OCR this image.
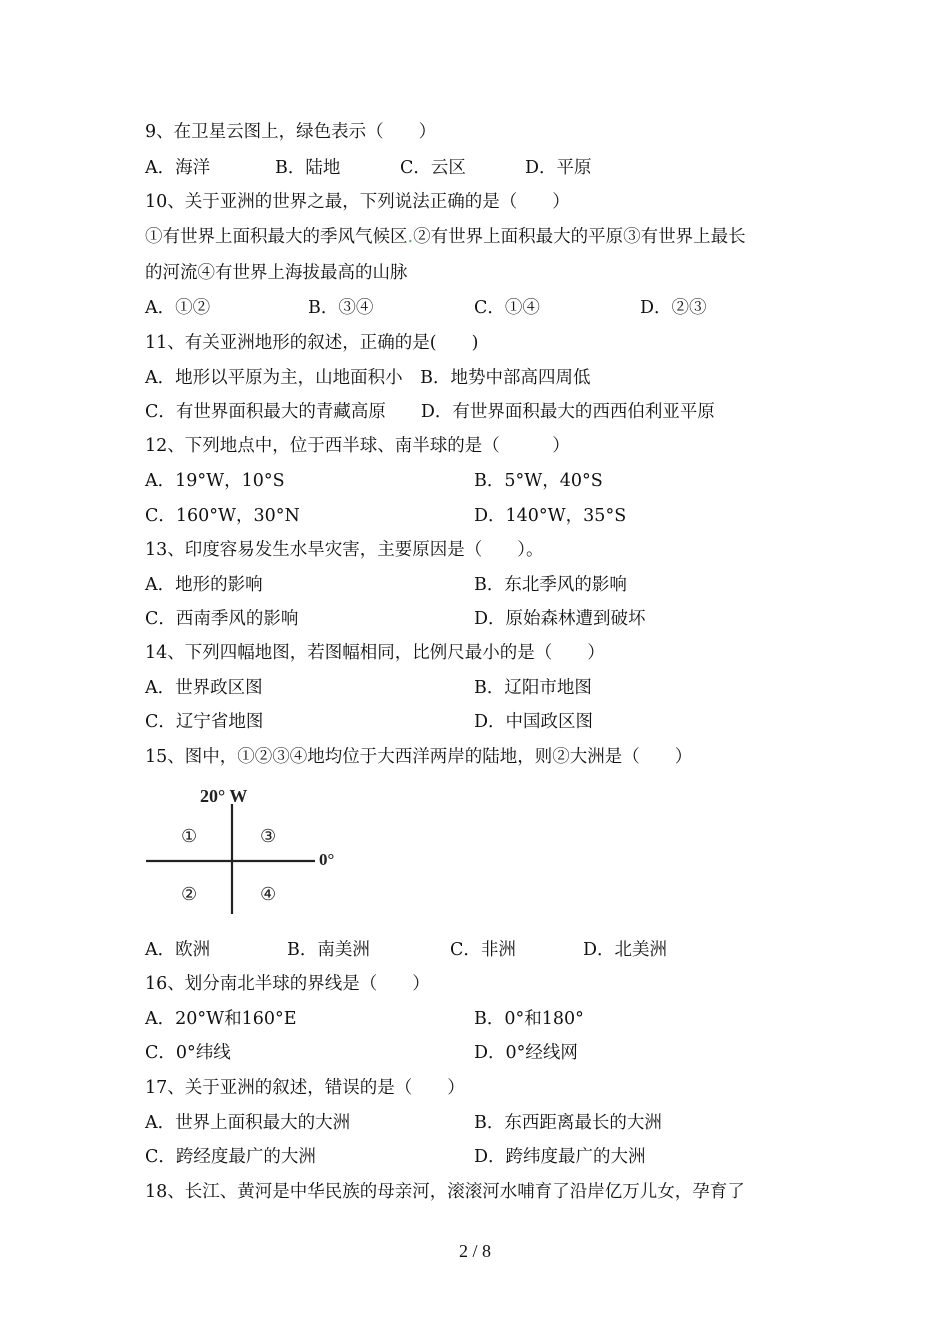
9、在卫星云图上，绿色表示（　　）
A．海洋	B．陆地	C．云区	D．平原
10、关于亚洲的世界之最，下列说法正确的是（　　）
①有世界上面积最大的季风气候区.②有世界上面积最大的平原③有世界上最长
的河流④有世界上海拔最高的山脉
A．①②	B．③④	C．①④	D．②③
11、有关亚洲地形的叙述，正确的是(　　)
A．地形以平原为主，山地面积小　B．地势中部高四周低
C．有世界面积最大的青藏高原　　D．有世界面积最大的西西伯利亚平原
12、下列地点中，位于西半球、南半球的是（　　　）
A．19°W，10°S	B．5°W，40°S
C．160°W，30°N	D．140°W，35°S
13、印度容易发生水旱灾害，主要原因是（　　）。
A．地形的影响	B．东北季风的影响
C．西南季风的影响	D．原始森林遭到破坏
14、下列四幅地图，若图幅相同，比例尺最小的是（　　）
A．世界政区图	B．辽阳市地图
C．辽宁省地图	D．中国政区图
15、图中，①②③④地均位于大西洋两岸的陆地，则②大洲是（　　）
20° W
0°
①	③
②	④
A．欧洲	B．南美洲	C．非洲	D．北美洲
16、划分南北半球的界线是（　　）
A．20°W和160°E	B．0°和180°
C．0°纬线	D．0°经线网
17、关于亚洲的叙述，错误的是（　　）
A．世界上面积最大的大洲	B．东西距离最长的大洲
C．跨经度最广的大洲	D．跨纬度最广的大洲
18、长江、黄河是中华民族的母亲河，滚滚河水哺育了沿岸亿万儿女，孕育了
2 / 8
